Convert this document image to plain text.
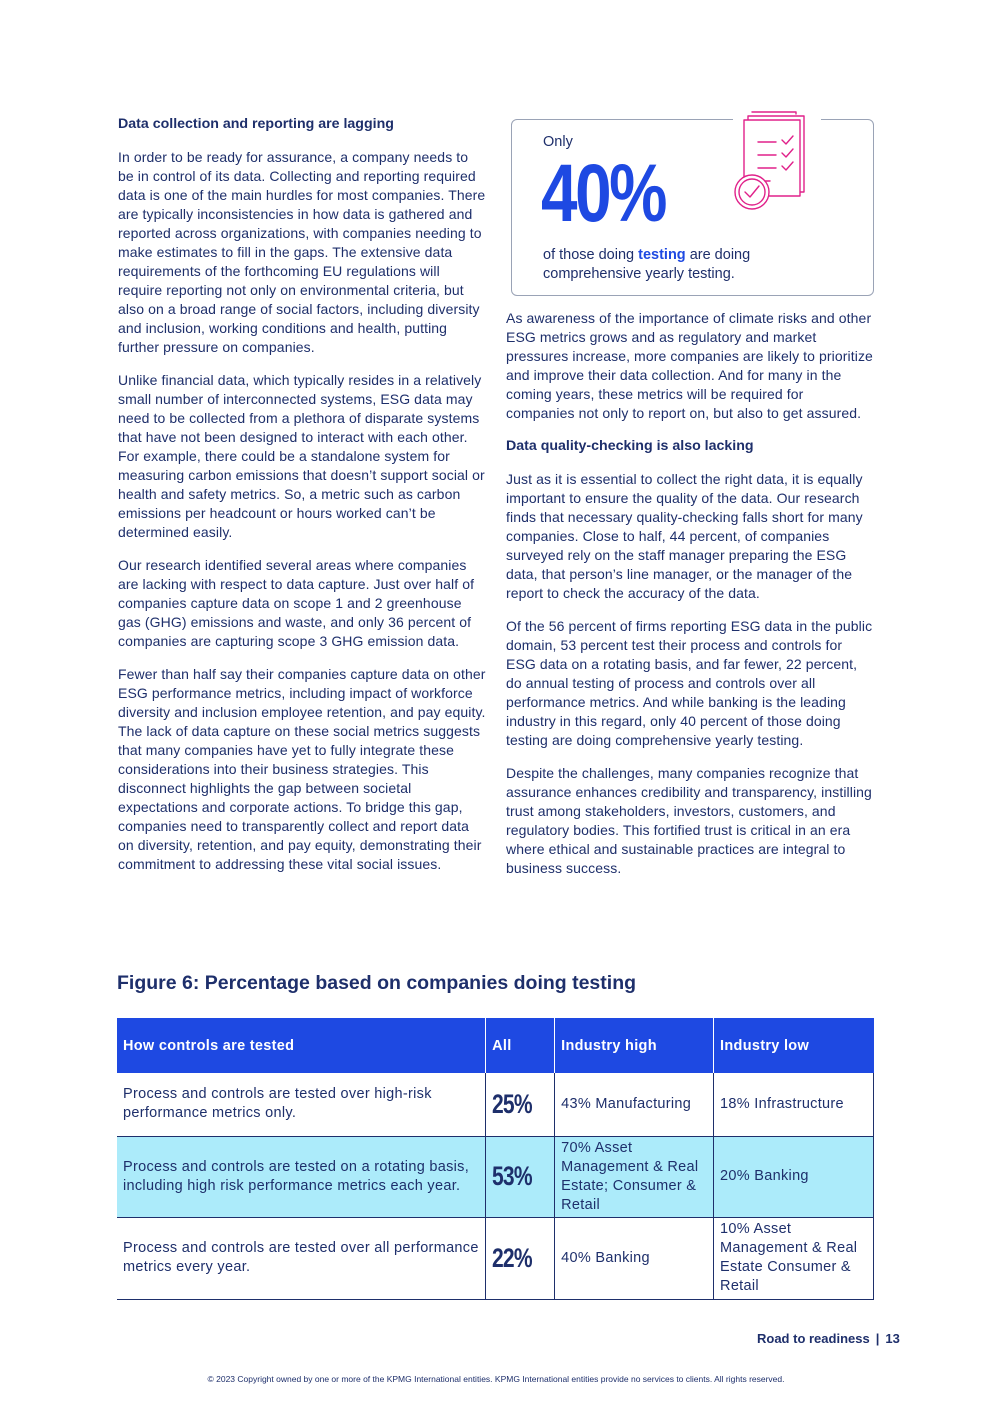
Data collection and reporting are lagging

In order to be ready for assurance, a company needs to be in control of its data. Collecting and reporting required data is one of the main hurdles for most companies. There are typically inconsistencies in how data is gathered and reported across organizations, with companies needing to make estimates to fill in the gaps. The extensive data requirements of the forthcoming EU regulations will require reporting not only on environmental criteria, but also on a broad range of social factors, including diversity and inclusion, working conditions and health, putting further pressure on companies.

Unlike financial data, which typically resides in a relatively small number of interconnected systems, ESG data may need to be collected from a plethora of disparate systems that have not been designed to interact with each other. For example, there could be a standalone system for measuring carbon emissions that doesn’t support social or health and safety metrics. So, a metric such as carbon emissions per headcount or hours worked can’t be determined easily.

Our research identified several areas where companies are lacking with respect to data capture. Just over half of companies capture data on scope 1 and 2 greenhouse gas (GHG) emissions and waste, and only 36 percent of companies are capturing scope 3 GHG emission data.

Fewer than half say their companies capture data on other ESG performance metrics, including impact of workforce diversity and inclusion employee retention, and pay equity. The lack of data capture on these social metrics suggests that many companies have yet to fully integrate these considerations into their business strategies. This disconnect highlights the gap between societal expectations and corporate actions. To bridge this gap, companies need to transparently collect and report data on diversity, retention, and pay equity, demonstrating their commitment to addressing these vital social issues.

Only
40%
of those doing testing are doing comprehensive yearly testing.

As awareness of the importance of climate risks and other ESG metrics grows and as regulatory and market pressures increase, more companies are likely to prioritize and improve their data collection. And for many in the coming years, these metrics will be required for companies not only to report on, but also to get assured.

Data quality-checking is also lacking

Just as it is essential to collect the right data, it is equally important to ensure the quality of the data. Our research finds that necessary quality-checking falls short for many companies. Close to half, 44 percent, of companies surveyed rely on the staff manager preparing the ESG data, that person’s line manager, or the manager of the report to check the accuracy of the data.

Of the 56 percent of firms reporting ESG data in the public domain, 53 percent test their process and controls for ESG data on a rotating basis, and far fewer, 22 percent, do annual testing of process and controls over all performance metrics. And while banking is the leading industry in this regard, only 40 percent of those doing testing are doing comprehensive yearly testing.

Despite the challenges, many companies recognize that assurance enhances credibility and transparency, instilling trust among stakeholders, investors, customers, and regulatory bodies. This fortified trust is critical in an era where ethical and sustainable practices are integral to business success.

Figure 6: Percentage based on companies doing testing
How controls are tested	All	Industry high	Industry low
Process and controls are tested over high-risk performance metrics only.	25%	43% Manufacturing	18% Infrastructure
Process and controls are tested on a rotating basis, including high risk performance metrics each year.	53%	70% Asset Management & Real Estate; Consumer & Retail	20% Banking
Process and controls are tested over all performance metrics every year.	22%	40% Banking	10% Asset Management & Real Estate Consumer & Retail
Road to readiness | 13
© 2023 Copyright owned by one or more of the KPMG International entities. KPMG International entities provide no services to clients. All rights reserved.
